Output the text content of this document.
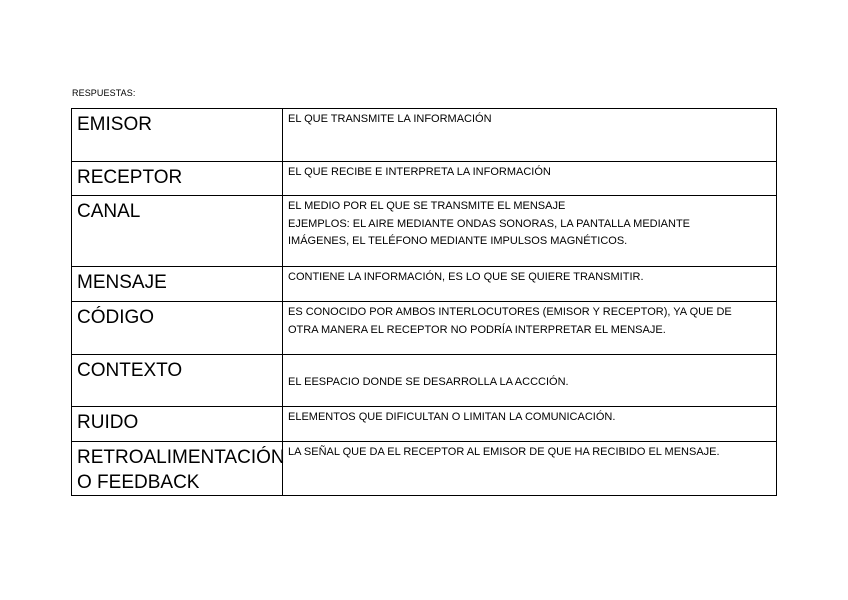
RESPUESTAS:
EMISOR	EL QUE TRANSMITE LA INFORMACIÓN

RECEPTOR	EL QUE RECIBE E INTERPRETA LA INFORMACIÓN

CANAL	EL MEDIO POR EL QUE SE TRANSMITE EL MENSAJE
EJEMPLOS: EL AIRE MEDIANTE ONDAS SONORAS, LA PANTALLA MEDIANTE
IMÁGENES, EL TELÉFONO MEDIANTE IMPULSOS MAGNÉTICOS.

MENSAJE	CONTIENE LA INFORMACIÓN, ES LO QUE SE QUIERE TRANSMITIR.

CÓDIGO	ES CONOCIDO POR AMBOS INTERLOCUTORES (EMISOR Y RECEPTOR), YA QUE DE
OTRA MANERA EL RECEPTOR NO PODRÍA INTERPRETAR EL MENSAJE.

CONTEXTO	EL EESPACIO DONDE SE DESARROLLA LA ACCCIÓN.

RUIDO	ELEMENTOS QUE DIFICULTAN O LIMITAN LA COMUNICACIÓN.

RETROALIMENTACIÓN O FEEDBACK	LA SEÑAL QUE DA EL RECEPTOR AL EMISOR DE QUE HA RECIBIDO EL MENSAJE.
